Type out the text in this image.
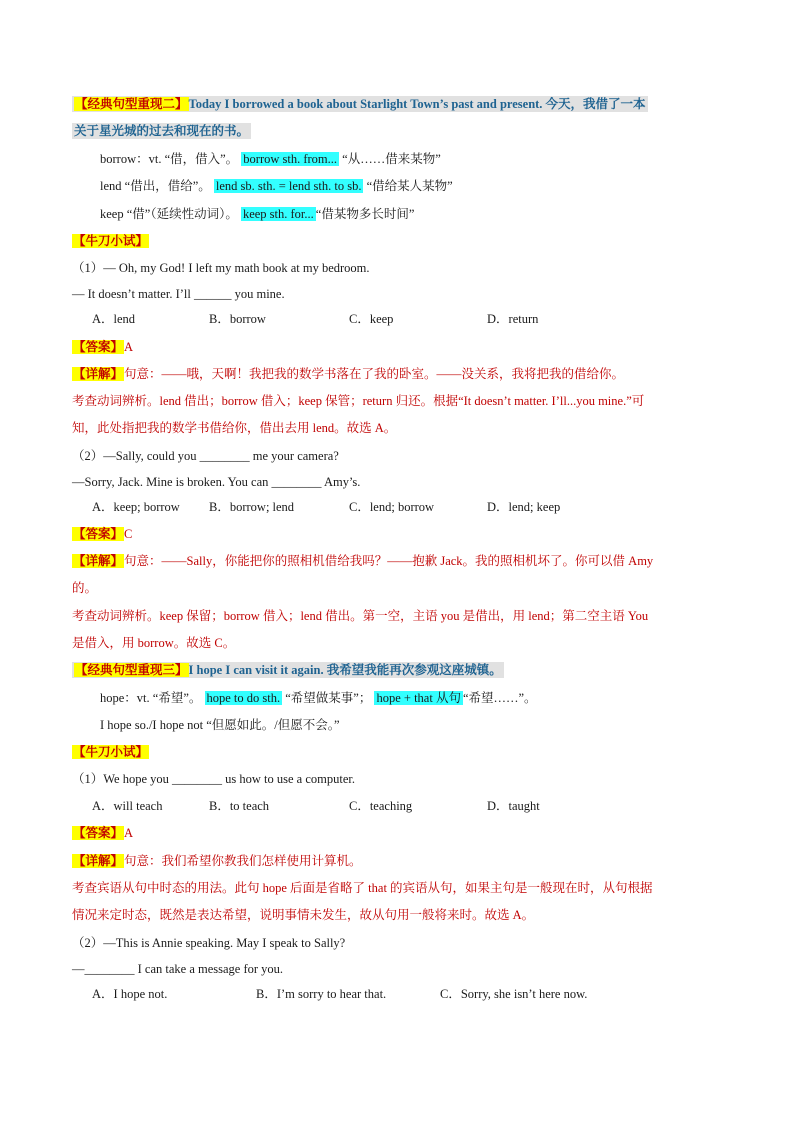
【经典句型重现二】Today I borrowed a book about Starlight Town’s past and present. 今天，我借了一本
关于星光城的过去和现在的书。
borrow：vt. “借，借入”。 borrow sth. from... “从……借来某物”
lend “借出，借给”。 lend sb. sth. = lend sth. to sb. “借给某人某物”
keep “借”（延续性动词）。 keep sth. for... “借某物多长时间”
【牛刀小试】
（1）— Oh, my God! I left my math book at my bedroom.
— It doesn’t matter. I’ll ______ you mine.
A．lend	B．borrow	C．keep	D．return
【答案】A
【详解】句意：——哦，天啊！我把我的数学书落在了我的卧室。——没关系，我将把我的借给你。
考查动词辨析。lend 借出；borrow 借入；keep 保管；return 归还。根据“It doesn’t matter. I’ll...you mine.”可
知，此处指把我的数学书借给你，借出去用 lend。故选 A。
（2）—Sally, could you ________ me your camera?
—Sorry, Jack. Mine is broken. You can ________ Amy’s.
A．keep; borrow B．borrow; lend	C．lend; borrow	D．lend; keep
【答案】C
【详解】句意：——Sally，你能把你的照相机借给我吗？——抱歉 Jack。我的照相机坏了。你可以借 Amy
的。
考查动词辨析。keep 保留；borrow 借入；lend 借出。第一空，主语 you 是借出，用 lend；第二空主语 You
是借入，用 borrow。故选 C。
【经典句型重现三】I hope I can visit it again. 我希望我能再次参观这座城镇。
hope：vt. “希望”。 hope to do sth. “希望做某事”； hope + that 从句 “希望……”。
I hope so./I hope not “但愿如此。/但愿不会。”
【牛刀小试】
（1）We hope you ________ us how to use a computer.
A．will teach	B．to teach	C．teaching	D．taught
【答案】A
【详解】句意：我们希望你教我们怎样使用计算机。
考查宾语从句中时态的用法。此句 hope 后面是省略了 that 的宾语从句，如果主句是一般现在时，从句根据
情况来定时态，既然是表达希望，说明事情未发生，故从句用一般将来时。故选 A。
（2）—This is Annie speaking. May I speak to Sally?
—________ I can take a message for you.
A．I hope not.	B．I’m sorry to hear that.	C．Sorry, she isn’t here now.
